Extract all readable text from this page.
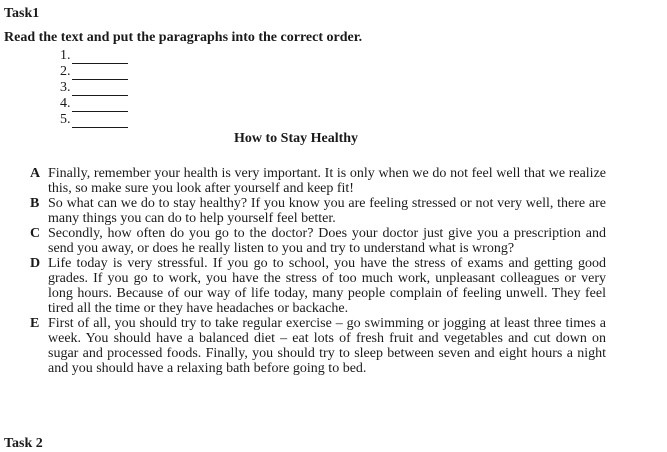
Task1
Read the text and put the paragraphs into the correct order.
1.
2.
3.
4.
5.
How to Stay Healthy
A Finally, remember your health is very important. It is only when we do not feel well that we realize this, so make sure you look after yourself and keep fit!
B So what can we do to stay healthy? If you know you are feeling stressed or not very well, there are many things you can do to help yourself feel better.
C Secondly, how often do you go to the doctor? Does your doctor just give you a prescription and send you away, or does he really listen to you and try to understand what is wrong?
D Life today is very stressful. If you go to school, you have the stress of exams and getting good grades. If you go to work, you have the stress of too much work, unpleasant colleagues or very long hours. Because of our way of life today, many people complain of feeling unwell. They feel tired all the time or they have headaches or backache.
E First of all, you should try to take regular exercise – go swimming or jogging at least three times a week. You should have a balanced diet – eat lots of fresh fruit and vegetables and cut down on sugar and processed foods. Finally, you should try to sleep between seven and eight hours a night and you should have a relaxing bath before going to bed.
Task 2
